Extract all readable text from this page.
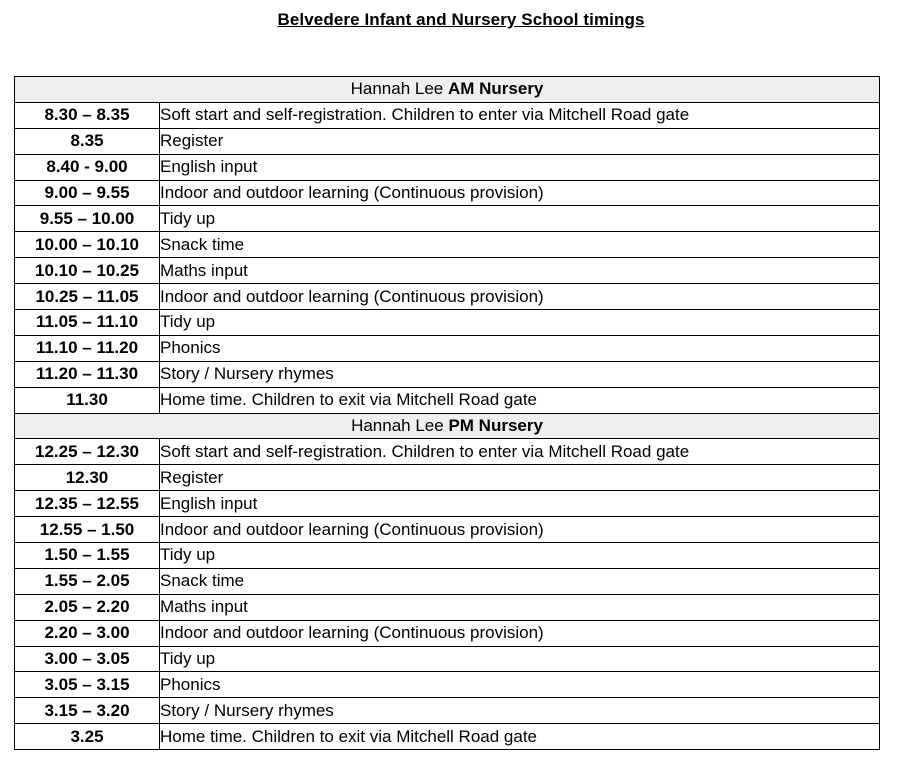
Belvedere Infant and Nursery School timings
Hannah Lee AM Nursery	
8.30 – 8.35	Soft start and self-registration. Children to enter via Mitchell Road gate
8.35	Register
8.40 - 9.00	English input
9.00 – 9.55	Indoor and outdoor learning (Continuous provision)
9.55 – 10.00	Tidy up
10.00 – 10.10	Snack time
10.10 – 10.25	Maths input
10.25 – 11.05	Indoor and outdoor learning (Continuous provision)
11.05 – 11.10	Tidy up
11.10 – 11.20	Phonics
11.20 – 11.30	Story / Nursery rhymes
11.30	Home time. Children to exit via Mitchell Road gate
Hannah Lee PM Nursery	
12.25 – 12.30	Soft start and self-registration. Children to enter via Mitchell Road gate
12.30	Register
12.35 – 12.55	English input
12.55 – 1.50	Indoor and outdoor learning (Continuous provision)
1.50 – 1.55	Tidy up
1.55 – 2.05	Snack time
2.05 – 2.20	Maths input
2.20 – 3.00	Indoor and outdoor learning (Continuous provision)
3.00 – 3.05	Tidy up
3.05 – 3.15	Phonics
3.15 – 3.20	Story / Nursery rhymes
3.25	Home time. Children to exit via Mitchell Road gate
